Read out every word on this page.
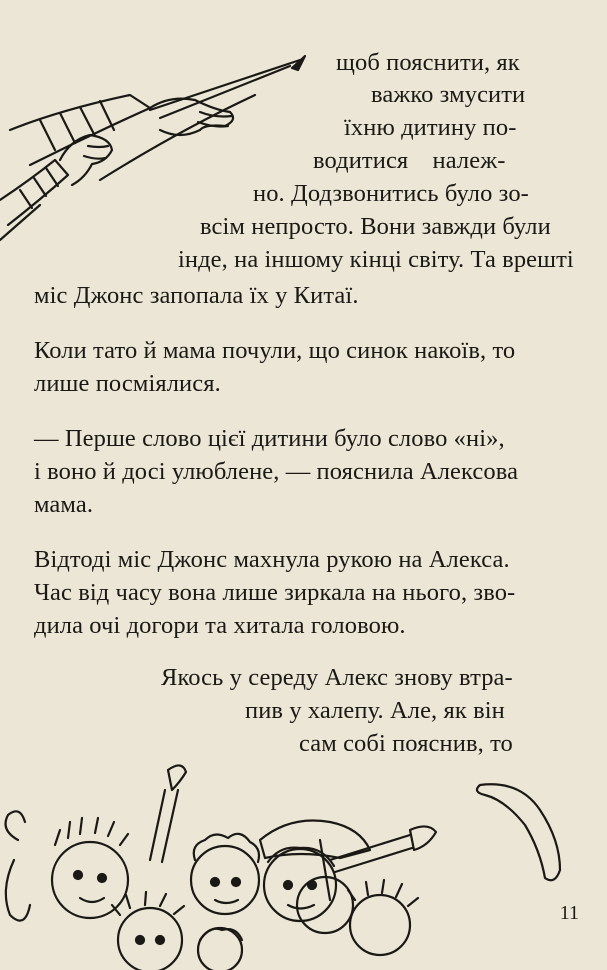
щоб пояснити, як
важко змусити
їхню дитину по-
водитися належ-
но. Додзвонитись було зо-
всім непросто. Вони завжди були
інде, на іншому кінці світу. Та врешті
міс Джонс запопала їх у Китаї.
Коли тато й мама почули, що синок накоїв, то
лише посміялися.
— Перше слово цієї дитини було слово «ні»,
і воно й досі улюблене, — пояснила Алексова
мама.
Відтоді міс Джонс махнула рукою на Алекса.
Час від часу вона лише зиркала на нього, зво-
дила очі догори та хитала головою.
Якось у середу Алекс знову втра-
пив у халепу. Але, як він
сам собі пояснив, то
11
